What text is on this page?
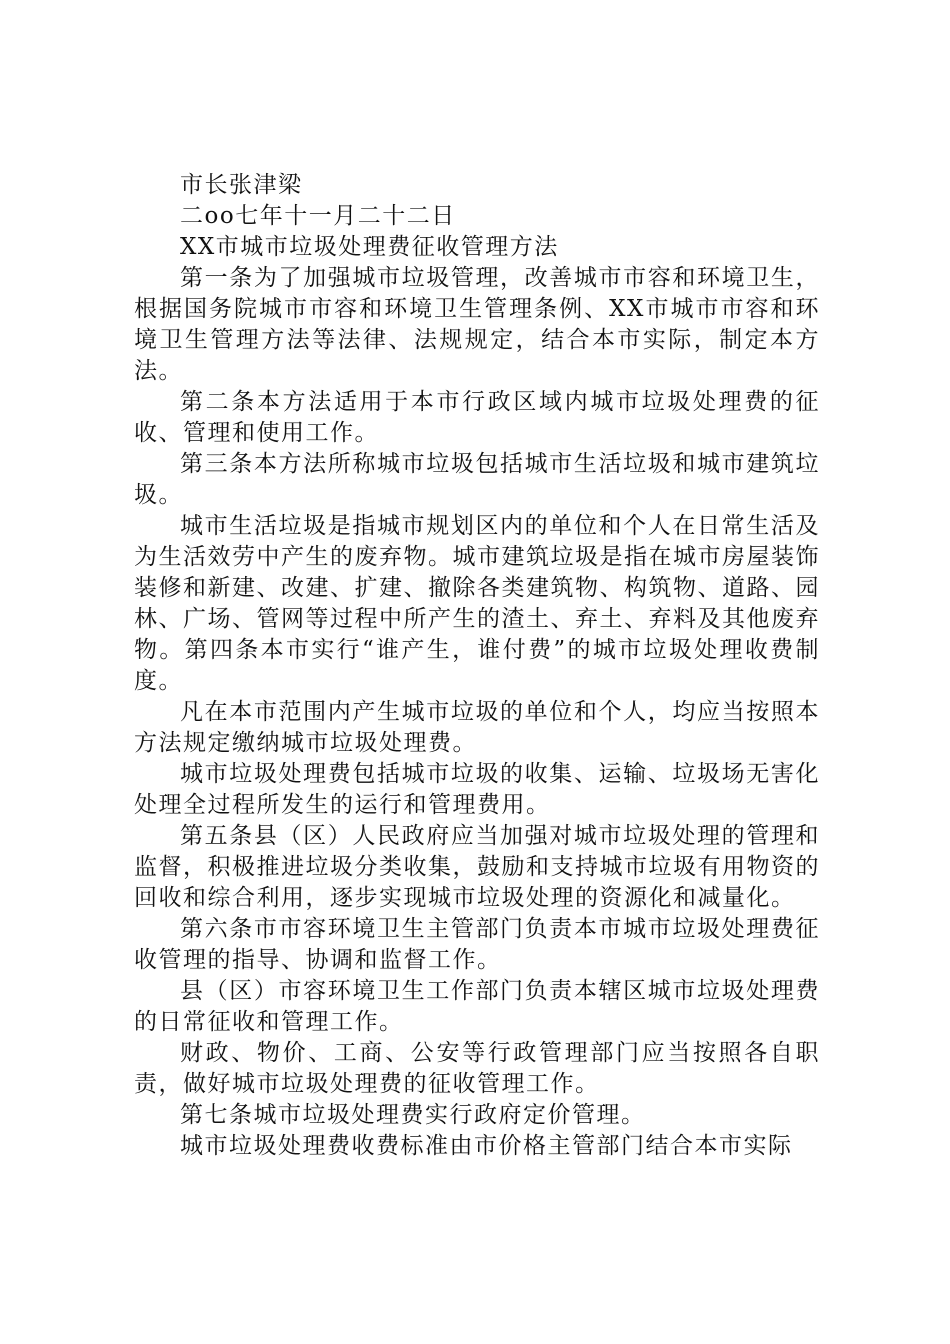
市长张津梁

二oo七年十一月二十二日

XX市城市垃圾处理费征收管理方法

第一条为了加强城市垃圾管理，改善城市市容和环境卫生，根据国务院城市市容和环境卫生管理条例、XX市城市市容和环境卫生管理方法等法律、法规规定，结合本市实际，制定本方法。

第二条本方法适用于本市行政区域内城市垃圾处理费的征收、管理和使用工作。

第三条本方法所称城市垃圾包括城市生活垃圾和城市建筑垃圾。

城市生活垃圾是指城市规划区内的单位和个人在日常生活及为生活效劳中产生的废弃物。城市建筑垃圾是指在城市房屋装饰装修和新建、改建、扩建、撤除各类建筑物、构筑物、道路、园林、广场、管网等过程中所产生的渣土、弃土、弃料及其他废弃物。第四条本市实行“谁产生，谁付费”的城市垃圾处理收费制度。

凡在本市范围内产生城市垃圾的单位和个人，均应当按照本方法规定缴纳城市垃圾处理费。

城市垃圾处理费包括城市垃圾的收集、运输、垃圾场无害化处理全过程所发生的运行和管理费用。

第五条县（区）人民政府应当加强对城市垃圾处理的管理和监督，积极推进垃圾分类收集，鼓励和支持城市垃圾有用物资的回收和综合利用，逐步实现城市垃圾处理的资源化和减量化。

第六条市市容环境卫生主管部门负责本市城市垃圾处理费征收管理的指导、协调和监督工作。

县（区）市容环境卫生工作部门负责本辖区城市垃圾处理费的日常征收和管理工作。

财政、物价、工商、公安等行政管理部门应当按照各自职责，做好城市垃圾处理费的征收管理工作。

第七条城市垃圾处理费实行政府定价管理。

城市垃圾处理费收费标准由市价格主管部门结合本市实际
